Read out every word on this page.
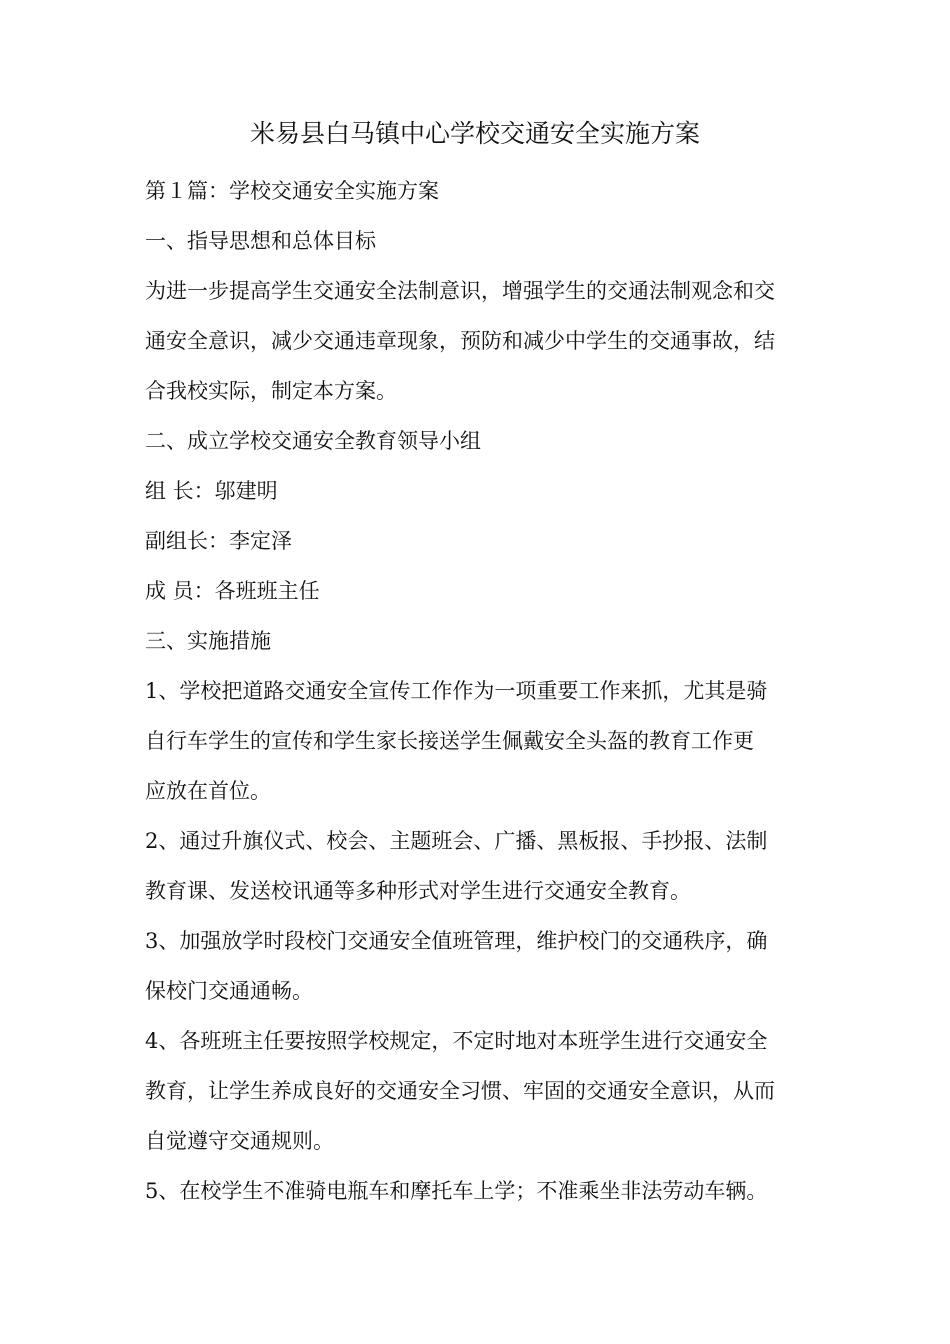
米易县白马镇中心学校交通安全实施方案
第１篇：学校交通安全实施方案
一、指导思想和总体目标
为进一步提高学生交通安全法制意识，增强学生的交通法制观念和交
通安全意识，减少交通违章现象，预防和减少中学生的交通事故，结
合我校实际，制定本方案。
二、成立学校交通安全教育领导小组
组 长：邬建明
副组长：李定泽
成 员：各班班主任
三、实施措施
1、学校把道路交通安全宣传工作作为一项重要工作来抓，尤其是骑
自行车学生的宣传和学生家长接送学生佩戴安全头盔的教育工作更
应放在首位。
2、通过升旗仪式、校会、主题班会、广播、黑板报、手抄报、法制
教育课、发送校讯通等多种形式对学生进行交通安全教育。
3、加强放学时段校门交通安全值班管理，维护校门的交通秩序，确
保校门交通通畅。
4、各班班主任要按照学校规定，不定时地对本班学生进行交通安全
教育，让学生养成良好的交通安全习惯、牢固的交通安全意识，从而
自觉遵守交通规则。
5、在校学生不准骑电瓶车和摩托车上学；不准乘坐非法劳动车辆。
